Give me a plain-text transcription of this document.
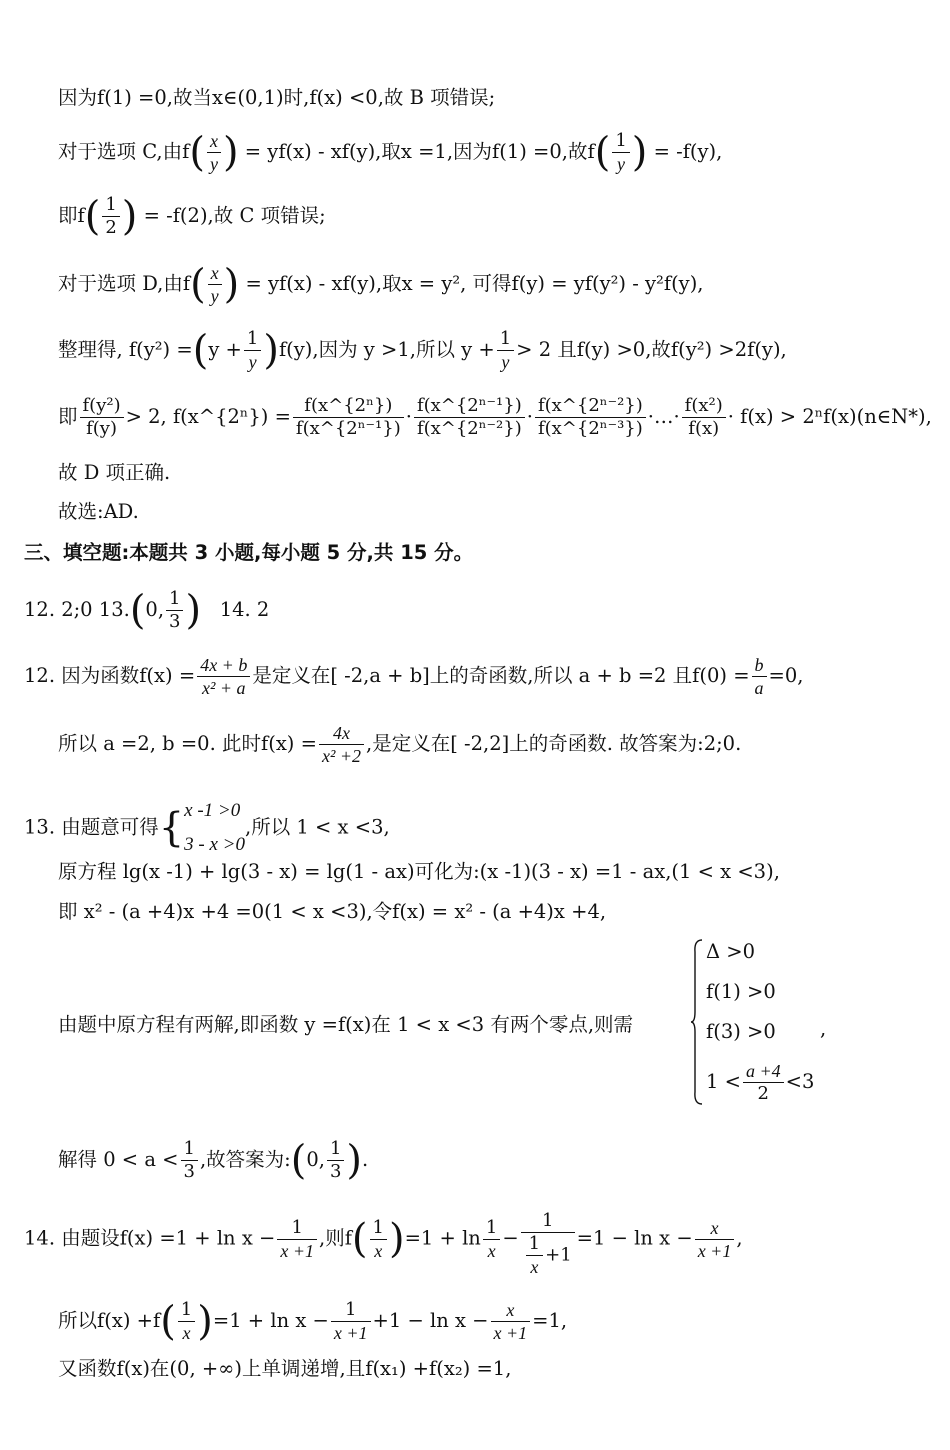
因为f(1) =0,故当x∈(0,1)时,f(x) <0,故 B 项错误;
对于选项 C,由$f( \frac{x}{y}$ ) = yf(x) - xf(y),取x =1,因为f(1) =0,故$f( \frac{1}{y}$ ) = -f(y),
即$f( \frac{1}{2}$ ) = -f(2),故 C 项错误;
对于选项 D,由$f( \frac{x}{y}$ ) = yf(x) - xf(y),取x = y², 可得f(y) = yf(y²) - y²f(y),
整理得, $f(y^2) =(y + \frac{1}{y} )f(y)$,因为 y >1,所以 $y + \frac{1}{y} > 2$ 且f(y) >0,故f(y²) >2f(y),
即 $\frac{\text{f(y²)}}{f(y)} > 2$, f(x^{2ⁿ}) = $\frac{\text{f(x\textasciicircum{}\{2ⁿ\})}}{\text{f(x\textasciicircum{}\{2ⁿ⁻¹\})}} \cdot \frac{\text{f(x\textasciicircum{}\{2ⁿ⁻¹\})}}{\text{f(x\textasciicircum{}\{2ⁿ⁻²\})}} \cdot \frac{\text{f(x\textasciicircum{}\{2ⁿ⁻²\})}}{\text{f(x\textasciicircum{}\{2ⁿ⁻³\})}}$ ·…· $\frac{\text{f(x²)}}{f(x)} \cdot f(x)$ > 2ⁿf(x)(n∈N*),
故 D 项正确.
故选:AD.
三、填空题:本题共 3 小题,每小题 5 分,共 15 分。
12. 2;0 13.(0, $\frac{1}{3}$ ) 14. 2
12. 因为函数$f(x) = \frac{4x + b}{\text{x² + a}}$ 是定义在[ -2,a + b]上的奇函数,所以 a + b =2 且$f(0) = \frac{b}{a} =0$,
所以 a =2, b =0. 此时$f(x) = \frac{4x}{\text{x² +2}}$ ,是定义在[ -2,2]上的奇函数. 故答案为:2;0.
13. 由题意可得{ x -1 >0
3 - x >0
,所以 1 < x <3,
原方程 lg(x -1) + lg(3 - x) = lg(1 - ax)可化为:(x -1)(3 - x) =1 - ax,(1 < x <3),
即 x² - (a +4)x +4 =0(1 < x <3),令f(x) = x² - (a +4)x +4,
由题中原方程有两解,即函数 y =f(x)在 1 < x <3 有两个零点,则需
Δ >0
f(1) >0
f(3) >0
$1 < \frac{a +4}{2} <3$
,
解得 $0 < a < \frac{1}{3}$ ,故答案为:(0, $\frac{1}{3}$ ).
14. 由题设$f(x) =1 + \ln x - \frac{1}{x +1}$ ,则$f( \frac{1}{x} )=1 + \ln \frac{1}{x} - \frac{1}{\frac{1}{x} +1} =1 - \ln x - \frac{x}{x +1}$ ,
所以$f(x) +f( \frac{1}{x} )=1 + \ln x - \frac{1}{x +1} +1 - \ln x - \frac{x}{x +1} =1$,
又函数f(x)在(0, +∞)上单调递增,且f(x₁) +f(x₂) =1,
